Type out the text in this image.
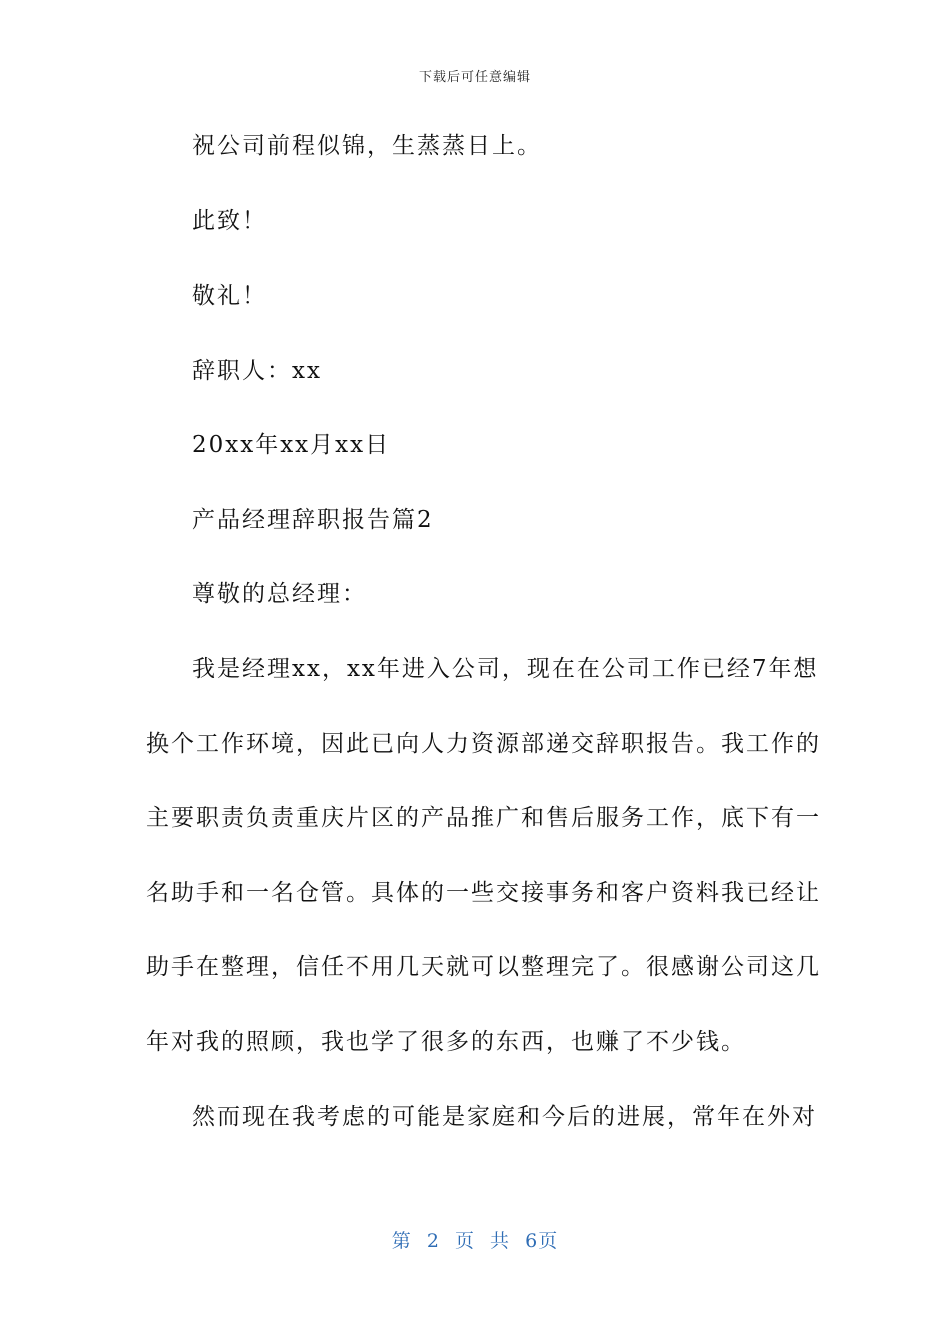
下载后可任意编辑
祝公司前程似锦，生蒸蒸日上。
此致！
敬礼！
辞职人：xx
20xx年xx月xx日
产品经理辞职报告篇2
尊敬的总经理：
我是经理xx，xx年进入公司，现在在公司工作已经7年想
换个工作环境，因此已向人力资源部递交辞职报告。我工作的
主要职责负责重庆片区的产品推广和售后服务工作，底下有一
名助手和一名仓管。具体的一些交接事务和客户资料我已经让
助手在整理，信任不用几天就可以整理完了。很感谢公司这几
年对我的照顾，我也学了很多的东西，也赚了不少钱。
然而现在我考虑的可能是家庭和今后的进展，常年在外对
第 2 页 共 6页
